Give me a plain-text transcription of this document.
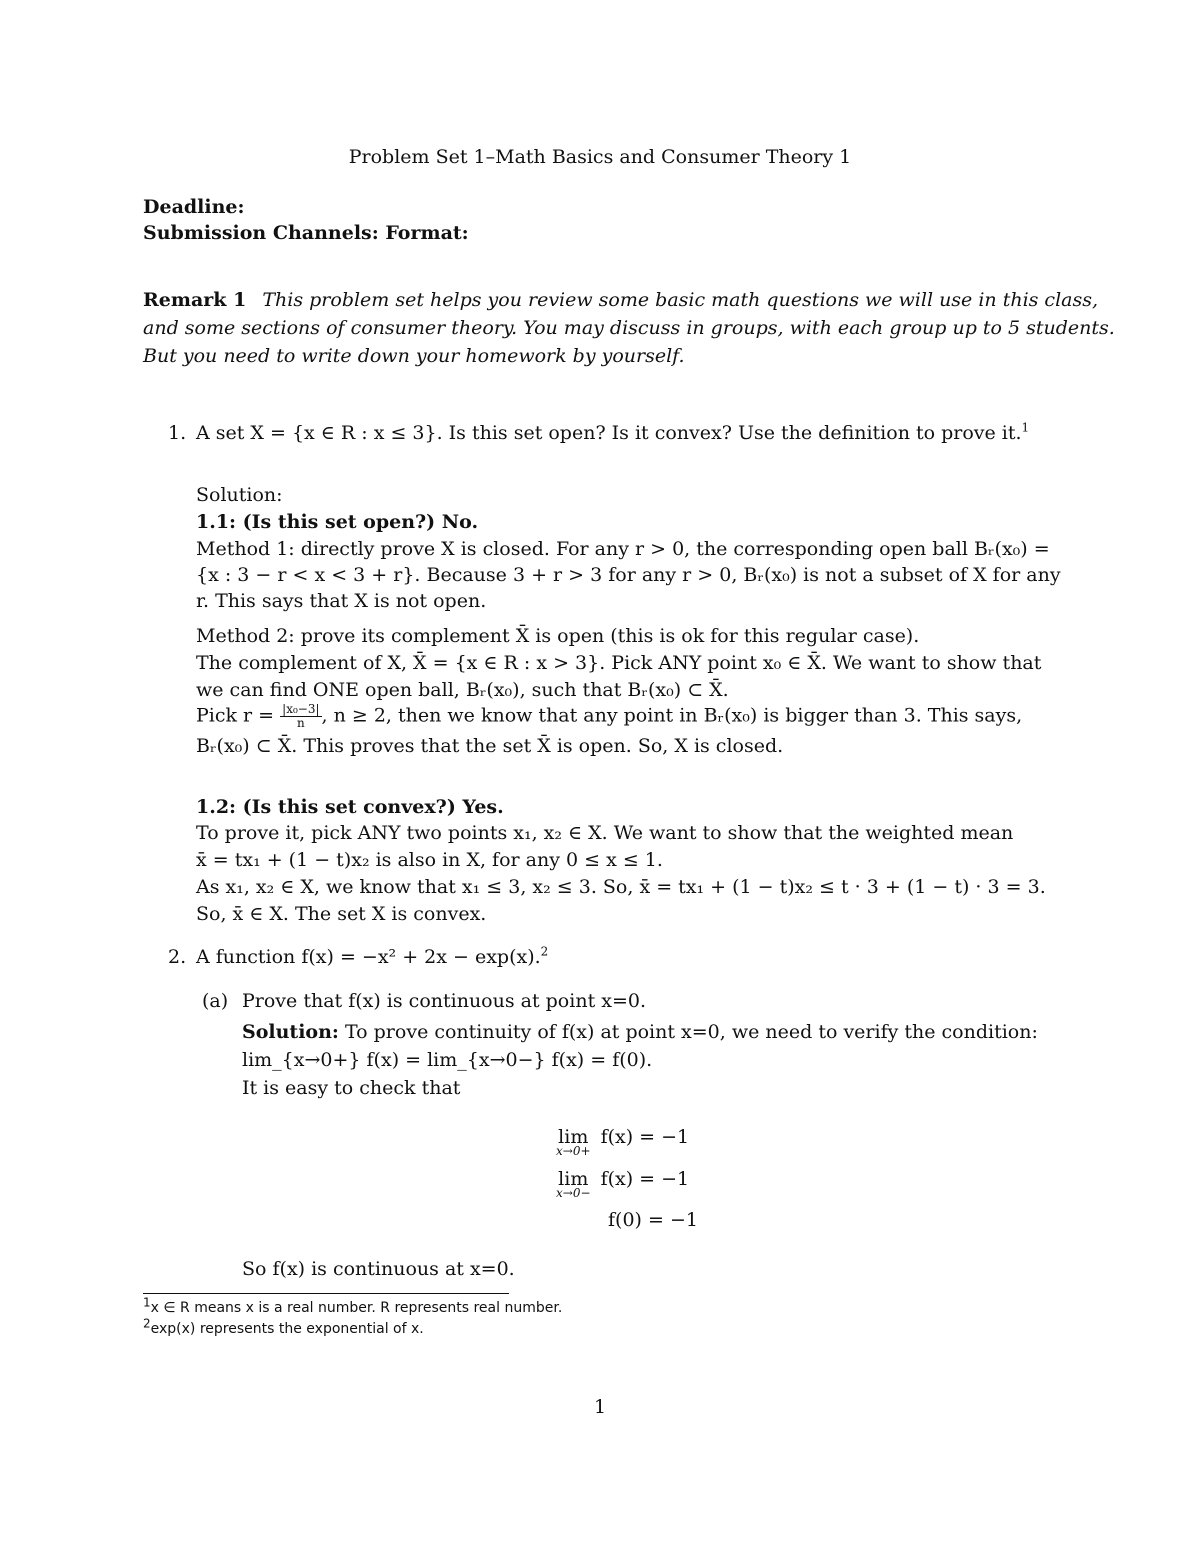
Problem Set 1–Math Basics and Consumer Theory 1
Deadline:
Submission Channels: Format:
Remark 1 This problem set helps you review some basic math questions we will use in this class,
and some sections of consumer theory. You may discuss in groups, with each group up to 5 students.
But you need to write down your homework by yourself.
1. A set X = {x ∈ R : x ≤ 3}. Is this set open? Is it convex? Use the definition to prove it.$^1$
Solution:
1.1: (Is this set open?) No.
Method 1: directly prove X is closed. For any r > 0, the corresponding open ball Bᵣ(x₀) =
{x : 3 − r < x < 3 + r}. Because 3 + r > 3 for any r > 0, Bᵣ(x₀) is not a subset of X for any
r. This says that X is not open.
Method 2: prove its complement X̄ is open (this is ok for this regular case).
The complement of X, X̄ = {x ∈ R : x > 3}. Pick ANY point x₀ ∈ X̄. We want to show that
we can find ONE open ball, Bᵣ(x₀), such that Bᵣ(x₀) ⊂ X̄.
Pick $r = \frac{\text{|x₀−3|}}{n}$, n ≥ 2, then we know that any point in Bᵣ(x₀) is bigger than 3. This says,
Bᵣ(x₀) ⊂ X̄. This proves that the set X̄ is open. So, X is closed.
1.2: (Is this set convex?) Yes.
To prove it, pick ANY two points x₁, x₂ ∈ X. We want to show that the weighted mean
x̄ = tx₁ + (1 − t)x₂ is also in X, for any 0 ≤ x ≤ 1.
As x₁, x₂ ∈ X, we know that x₁ ≤ 3, x₂ ≤ 3. So, x̄ = tx₁ + (1 − t)x₂ ≤ t · 3 + (1 − t) · 3 = 3.
So, x̄ ∈ X. The set X is convex.
2. A function f(x) = −x² + 2x − exp(x).$^2$
(a) Prove that f(x) is continuous at point x=0.
Solution: To prove continuity of f(x) at point x=0, we need to verify the condition:
lim_{x→0+} f(x) = lim_{x→0−} f(x) = f(0).
It is easy to check that
lim
x→0+
f(x) = −1
lim
x→0−
f(x) = −1
f(0) = −1
So f(x) is continuous at x=0.
$^1$x ∈ R means x is a real number. R represents real number.
$^2$exp(x) represents the exponential of x.
1
